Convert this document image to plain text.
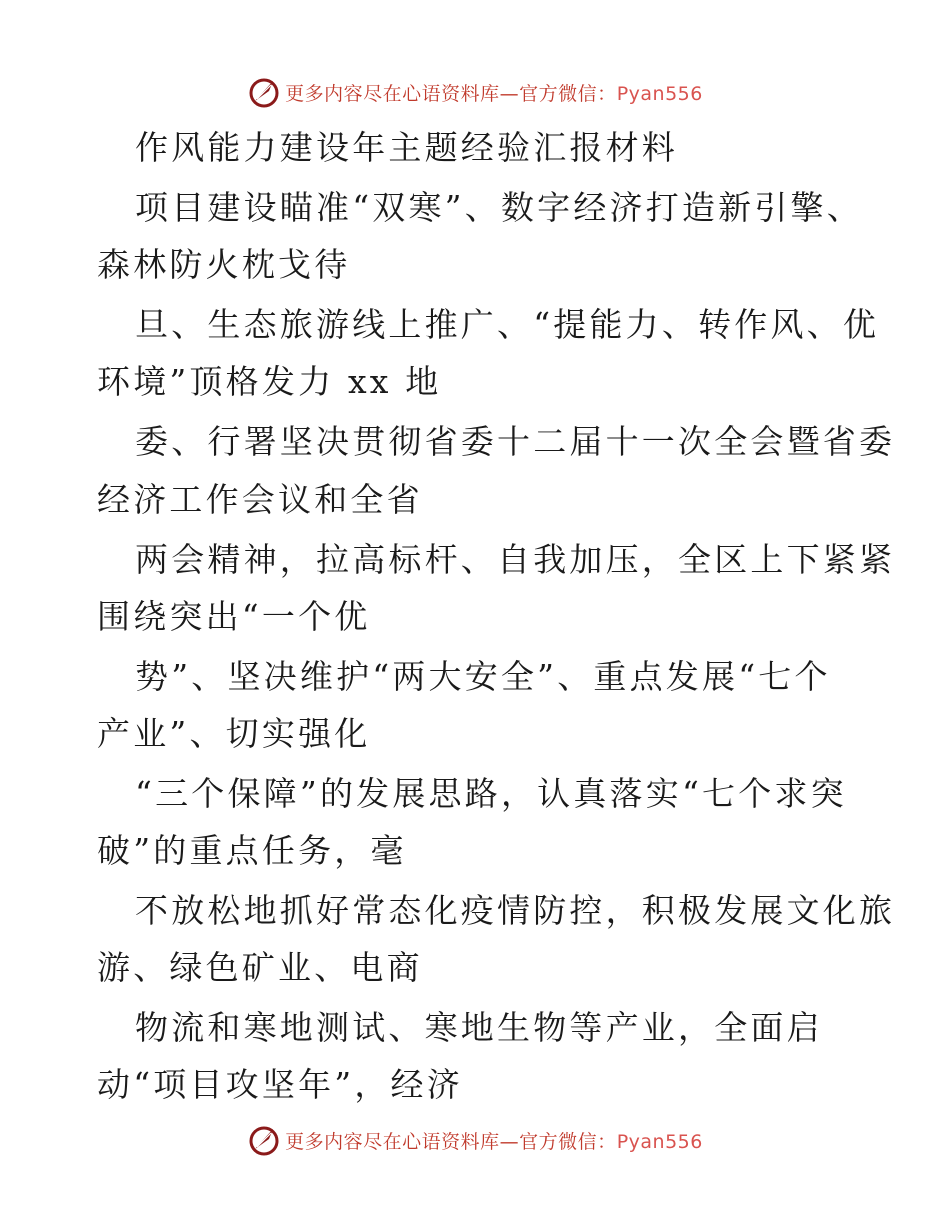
更多内容尽在心语资料库—官方微信：Pyan556
作风能力建设年主题经验汇报材料
项目建设瞄准“双寒”、数字经济打造新引擎、
森林防火枕戈待
旦、生态旅游线上推广、“提能力、转作风、优
环境”顶格发力 xx 地
委、行署坚决贯彻省委十二届十一次全会暨省委
经济工作会议和全省
两会精神，拉高标杆、自我加压，全区上下紧紧
围绕突出“一个优
势”、坚决维护“两大安全”、重点发展“七个
产业”、切实强化
“三个保障”的发展思路，认真落实“七个求突
破”的重点任务，毫
不放松地抓好常态化疫情防控，积极发展文化旅
游、绿色矿业、电商
物流和寒地测试、寒地生物等产业，全面启
动“项目攻坚年”，经济
更多内容尽在心语资料库—官方微信：Pyan556
